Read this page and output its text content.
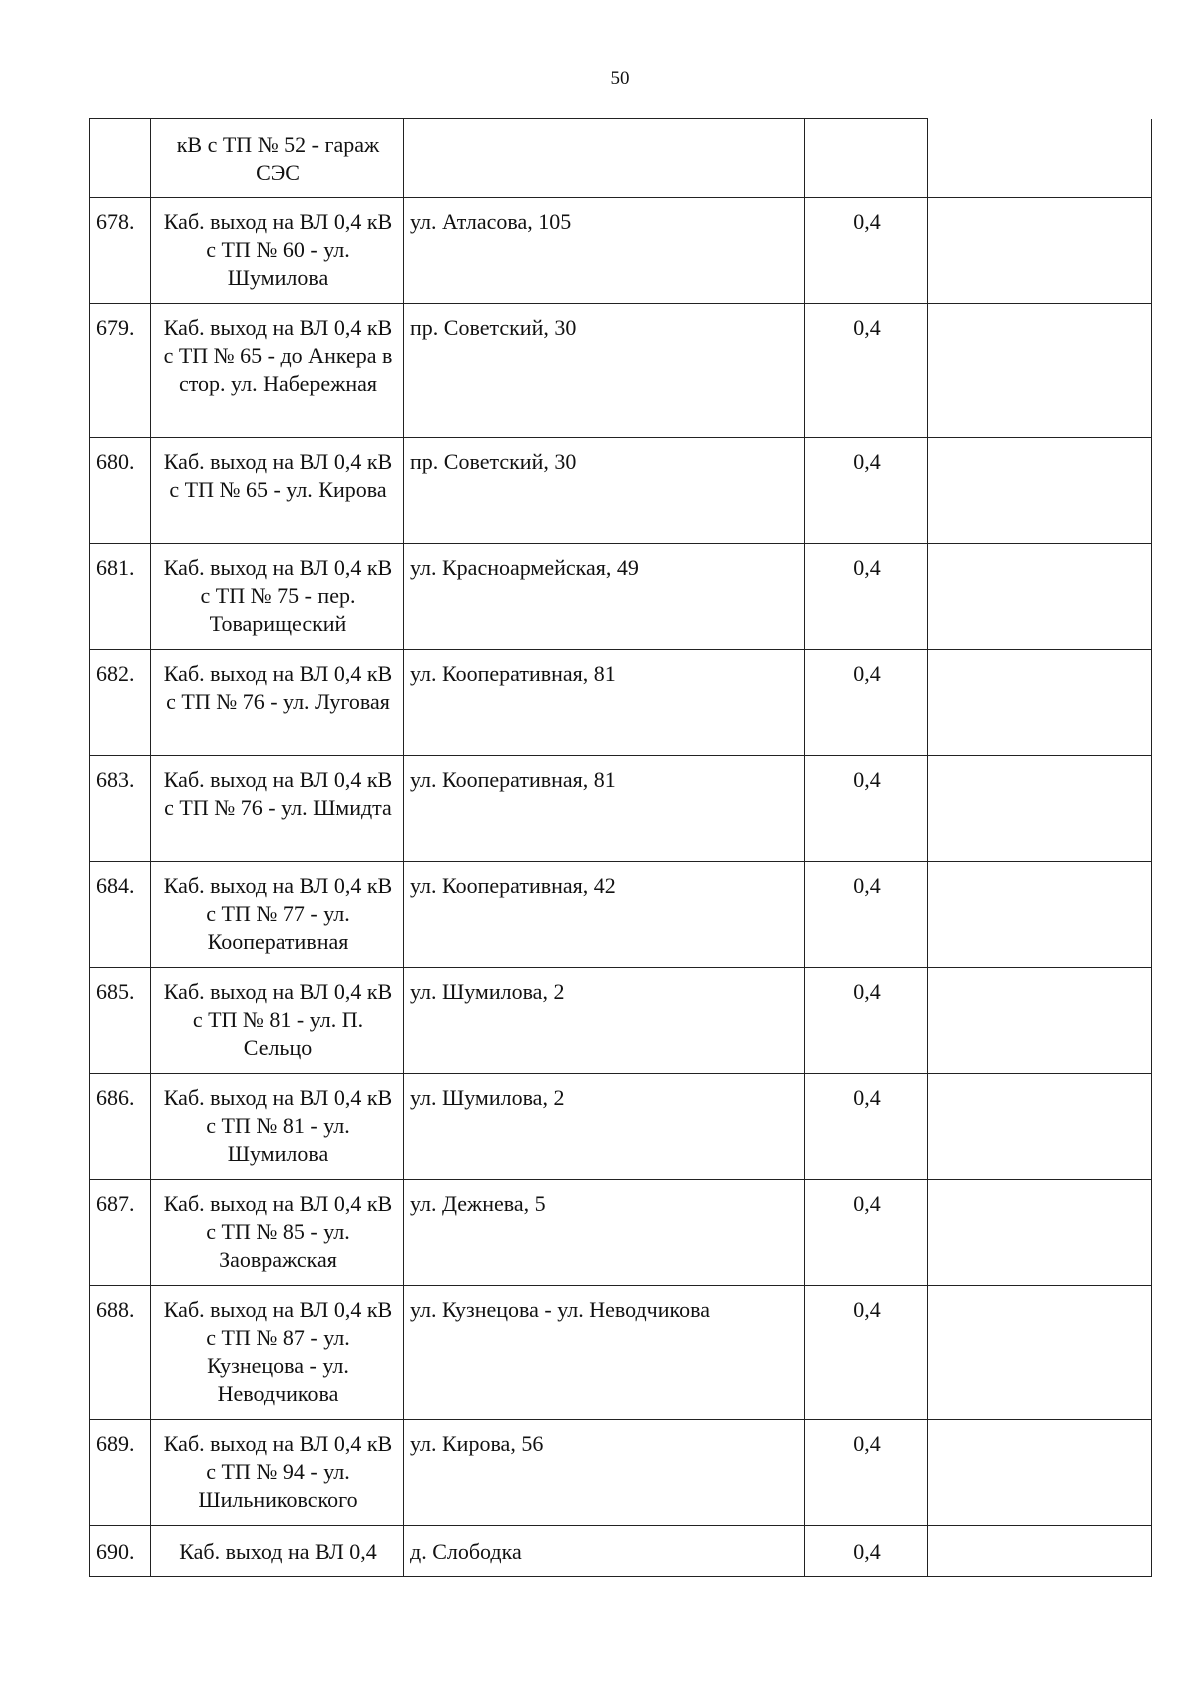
50
	кВ с ТП № 52 - гараж СЭС			
678.	Каб. выход на ВЛ 0,4 кВ с ТП № 60 - ул. Шумилова	ул. Атласова, 105	0,4	
679.	Каб. выход на ВЛ 0,4 кВ с ТП № 65 - до Анкера в стор. ул. Набережная	пр. Советский, 30	0,4	
680.	Каб. выход на ВЛ 0,4 кВ с ТП № 65 - ул. Кирова	пр. Советский, 30	0,4	
681.	Каб. выход на ВЛ 0,4 кВ с ТП № 75 - пер. Товарищеский	ул. Красноармейская, 49	0,4	
682.	Каб. выход на ВЛ 0,4 кВ с ТП № 76 - ул. Луговая	ул. Кооперативная, 81	0,4	
683.	Каб. выход на ВЛ 0,4 кВ с ТП № 76 - ул. Шмидта	ул. Кооперативная, 81	0,4	
684.	Каб. выход на ВЛ 0,4 кВ с ТП № 77 - ул. Кооперативная	ул. Кооперативная, 42	0,4	
685.	Каб. выход на ВЛ 0,4 кВ с ТП № 81 - ул. П. Сельцо	ул. Шумилова, 2	0,4	
686.	Каб. выход на ВЛ 0,4 кВ с ТП № 81 - ул. Шумилова	ул. Шумилова, 2	0,4	
687.	Каб. выход на ВЛ 0,4 кВ с ТП № 85 - ул. Заовражская	ул. Дежнева, 5	0,4	
688.	Каб. выход на ВЛ 0,4 кВ с ТП № 87 - ул. Кузнецова - ул. Неводчикова	ул. Кузнецова - ул. Неводчикова	0,4	
689.	Каб. выход на ВЛ 0,4 кВ с ТП № 94 - ул. Шильниковского	ул. Кирова, 56	0,4	
690.	Каб. выход на ВЛ 0,4	д. Слободка	0,4	
